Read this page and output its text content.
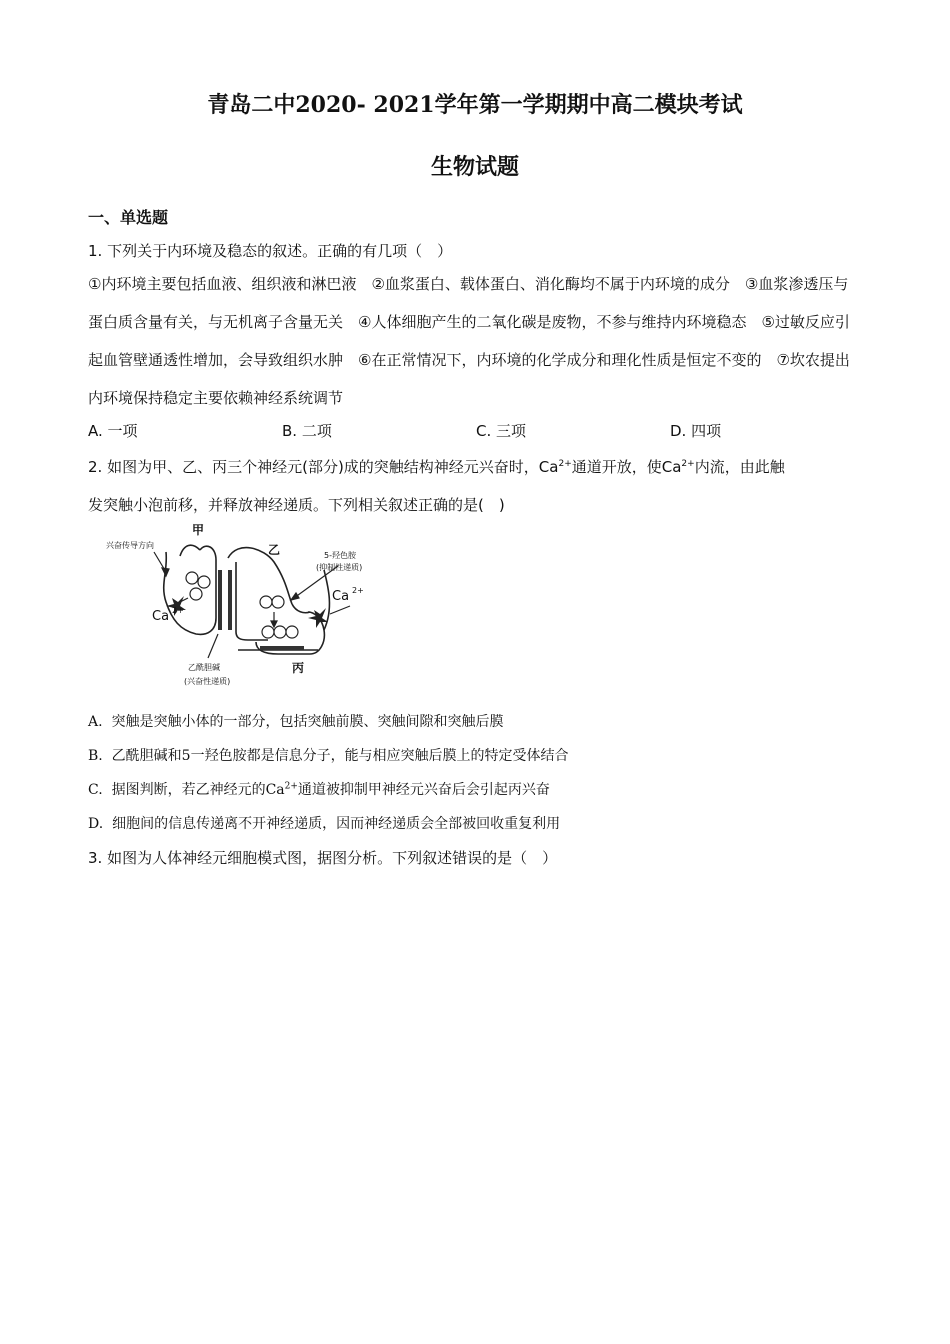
青岛二中2020- 2021学年第一学期期中高二模块考试
生物试题
一、单选题
1. 下列关于内环境及稳态的叙述。正确的有几项（　）
①内环境主要包括血液、组织液和淋巴液　②血浆蛋白、载体蛋白、消化酶均不属于内环境的成分　③血浆渗透压与蛋白质含量有关，与无机离子含量无关　④人体细胞产生的二氧化碳是废物，不参与维持内环境稳态　⑤过敏反应引起血管壁通透性增加，会导致组织水肿　⑥在正常情况下，内环境的化学成分和理化性质是恒定不变的　⑦坎农提出内环境保持稳定主要依赖神经系统调节
A. 一项	B. 二项	C. 三项	D. 四项
2. 如图为甲、乙、丙三个神经元(部分)成的突触结构神经元兴奋时，$Ca^{2+}$通道开放，使$Ca^{2+}$内流，由此触
发突触小泡前移，并释放神经递质。下列相关叙述正确的是(　)
甲
乙
丙
兴奋传导方向
5-羟色胺
(抑制性递质)
Ca 2+
Ca 2+
乙酰胆碱
(兴奋性递质)
A. 突触是突触小体的一部分，包括突触前膜、突触间隙和突触后膜
B. 乙酰胆碱和5一羟色胺都是信息分子，能与相应突触后膜上的特定受体结合
C. 据图判断，若乙神经元的$Ca^{2+}$通道被抑制甲神经元兴奋后会引起丙兴奋
D. 细胞间的信息传递离不开神经递质，因而神经递质会全部被回收重复利用
3. 如图为人体神经元细胞模式图，据图分析。下列叙述错误的是（　）
